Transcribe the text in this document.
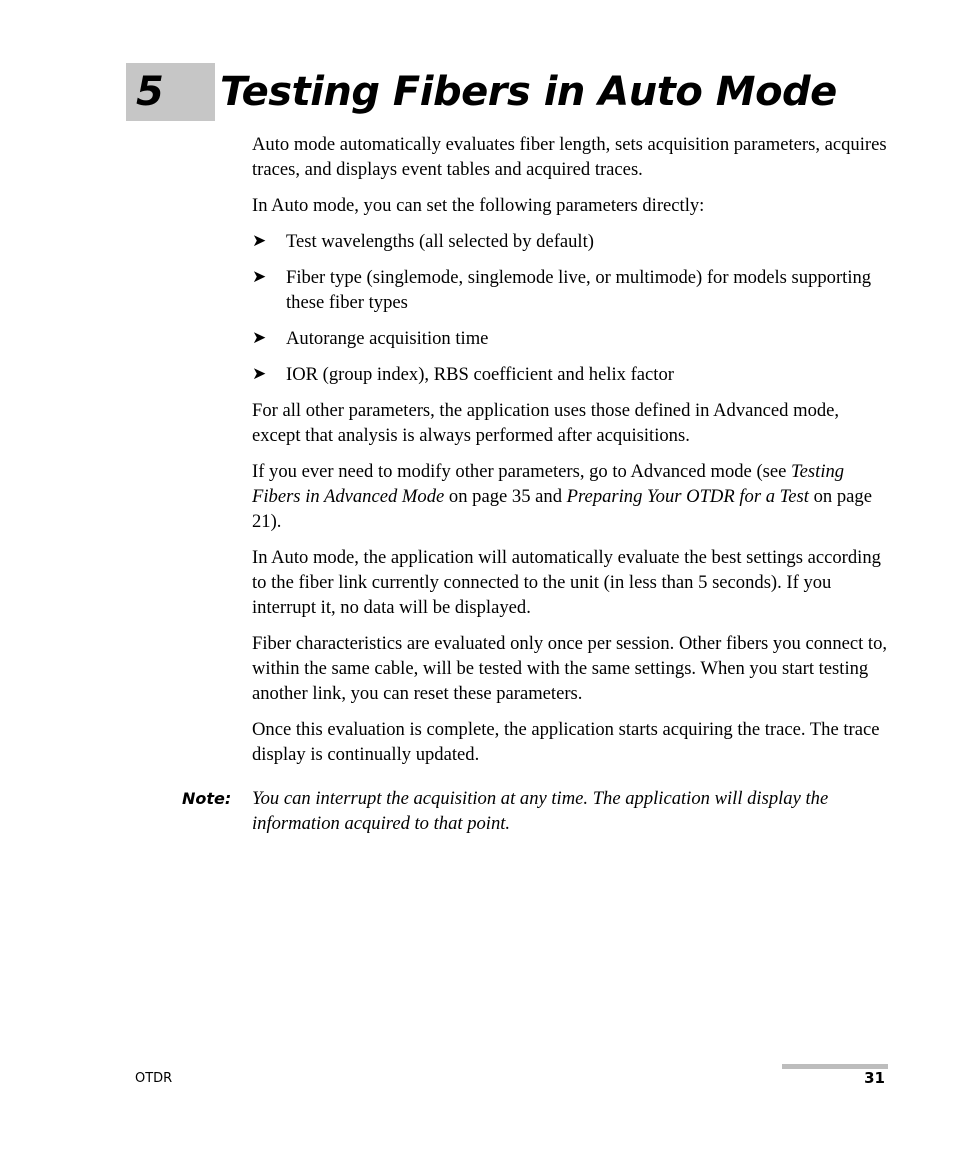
5 Testing Fibers in Auto Mode

Auto mode automatically evaluates fiber length, sets acquisition parameters, acquires traces, and displays event tables and acquired traces.

In Auto mode, you can set the following parameters directly:

➤ Test wavelengths (all selected by default)
➤ Fiber type (singlemode, singlemode live, or multimode) for models supporting these fiber types
➤ Autorange acquisition time
➤ IOR (group index), RBS coefficient and helix factor

For all other parameters, the application uses those defined in Advanced mode, except that analysis is always performed after acquisitions.

If you ever need to modify other parameters, go to Advanced mode (see Testing Fibers in Advanced Mode on page 35 and Preparing Your OTDR for a Test on page 21).

In Auto mode, the application will automatically evaluate the best settings according to the fiber link currently connected to the unit (in less than 5 seconds). If you interrupt it, no data will be displayed.

Fiber characteristics are evaluated only once per session. Other fibers you connect to, within the same cable, will be tested with the same settings. When you start testing another link, you can reset these parameters.

Once this evaluation is complete, the application starts acquiring the trace. The trace display is continually updated.

Note: You can interrupt the acquisition at any time. The application will display the information acquired to that point.
OTDR	31
